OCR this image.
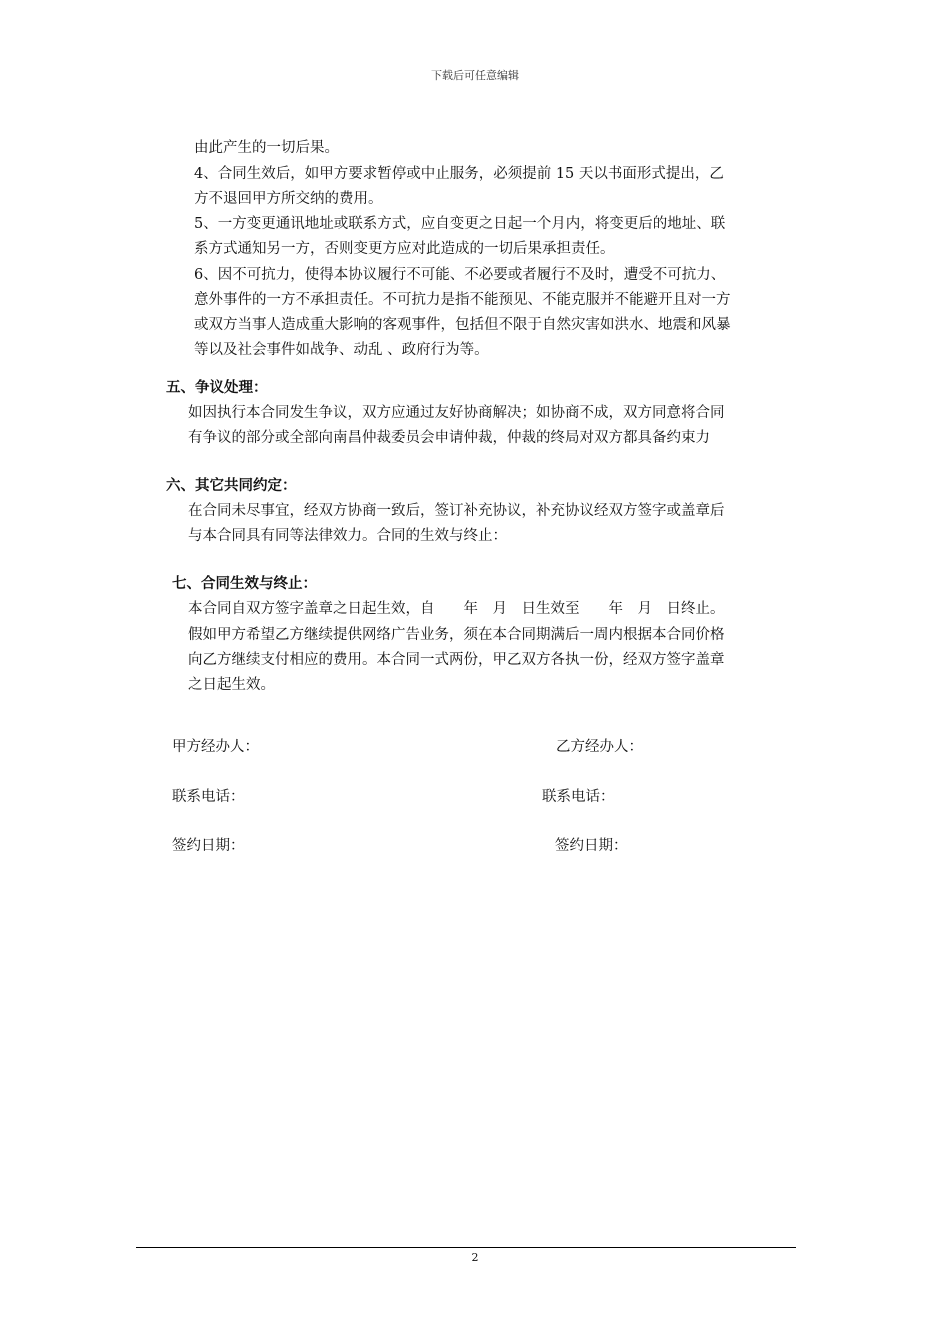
下载后可任意编辑
由此产生的一切后果。
4、合同生效后，如甲方要求暂停或中止服务，必须提前 15 天以书面形式提出，乙
方不退回甲方所交纳的费用。
5、一方变更通讯地址或联系方式，应自变更之日起一个月内，将变更后的地址、联
系方式通知另一方，否则变更方应对此造成的一切后果承担责任。
6、因不可抗力，使得本协议履行不可能、不必要或者履行不及时，遭受不可抗力、
意外事件的一方不承担责任。不可抗力是指不能预见、不能克服并不能避开且对一方
或双方当事人造成重大影响的客观事件，包括但不限于自然灾害如洪水、地震和风暴
等以及社会事件如战争、动乱 、政府行为等。
五、争议处理：
如因执行本合同发生争议，双方应通过友好协商解决；如协商不成，双方同意将合同
有争议的部分或全部向南昌仲裁委员会申请仲裁，仲裁的终局对双方都具备约束力
六、其它共同约定：
在合同未尽事宜，经双方协商一致后，签订补充协议，补充协议经双方签字或盖章后
与本合同具有同等法律效力。合同的生效与终止：
七、合同生效与终止：
本合同自双方签字盖章之日起生效，自　　年　月　日生效至　　年　月　日终止。
假如甲方希望乙方继续提供网络广告业务，须在本合同期满后一周内根据本合同价格
向乙方继续支付相应的费用。本合同一式两份，甲乙双方各执一份，经双方签字盖章
之日起生效。
甲方经办人：	乙方经办人：
联系电话：	联系电话：
签约日期：	签约日期：
2
